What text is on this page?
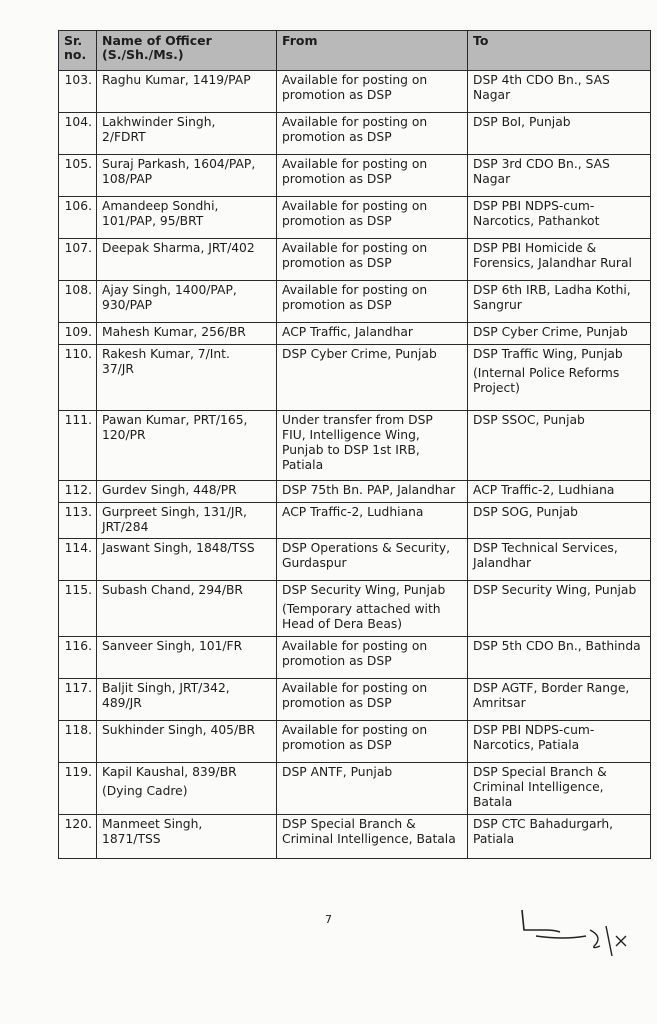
Sr. no.	Name of Officer (S./Sh./Ms.)	From	To
103.	Raghu Kumar, 1419/PAP	Available for posting on
promotion as DSP	DSP 4th CDO Bn., SAS
Nagar

104.	Lakhwinder Singh,
2/FDRT	Available for posting on
promotion as DSP	DSP BoI, Punjab

105.	Suraj Parkash, 1604/PAP,
108/PAP	Available for posting on
promotion as DSP	DSP 3rd CDO Bn., SAS
Nagar

106.	Amandeep Sondhi,
101/PAP, 95/BRT	Available for posting on
promotion as DSP	DSP PBI NDPS-cum-
Narcotics, Pathankot

107.	Deepak Sharma, JRT/402	Available for posting on
promotion as DSP	DSP PBI Homicide &
Forensics, Jalandhar Rural

108.	Ajay Singh, 1400/PAP,
930/PAP	Available for posting on
promotion as DSP	DSP 6th IRB, Ladha Kothi,
Sangrur

109.	Mahesh Kumar, 256/BR	ACP Traffic, Jalandhar	DSP Cyber Crime, Punjab

110.	Rakesh Kumar, 7/Int.
37/JR	DSP Cyber Crime, Punjab	DSP Traffic Wing, Punjab
(Internal Police Reforms
Project)

111.	Pawan Kumar, PRT/165,
120/PR	Under transfer from DSP
FIU, Intelligence Wing,
Punjab to DSP 1st IRB,
Patiala	DSP SSOC, Punjab

112.	Gurdev Singh, 448/PR	DSP 75th Bn. PAP, Jalandhar	ACP Traffic-2, Ludhiana

113.	Gurpreet Singh, 131/JR,
JRT/284	ACP Traffic-2, Ludhiana	DSP SOG, Punjab

114.	Jaswant Singh, 1848/TSS	DSP Operations & Security,
Gurdaspur	DSP Technical Services,
Jalandhar

115.	Subash Chand, 294/BR	DSP Security Wing, Punjab
(Temporary attached with
Head of Dera Beas)	DSP Security Wing, Punjab

116.	Sanveer Singh, 101/FR	Available for posting on
promotion as DSP	DSP 5th CDO Bn., Bathinda

117.	Baljit Singh, JRT/342,
489/JR	Available for posting on
promotion as DSP	DSP AGTF, Border Range,
Amritsar

118.	Sukhinder Singh, 405/BR	Available for posting on
promotion as DSP	DSP PBI NDPS-cum-
Narcotics, Patiala

119.	Kapil Kaushal, 839/BR
(Dying Cadre)	DSP ANTF, Punjab	DSP Special Branch &
Criminal Intelligence,
Batala

120.	Manmeet Singh,
1871/TSS	DSP Special Branch &
Criminal Intelligence, Batala	DSP CTC Bahadurgarh,
Patiala
7
